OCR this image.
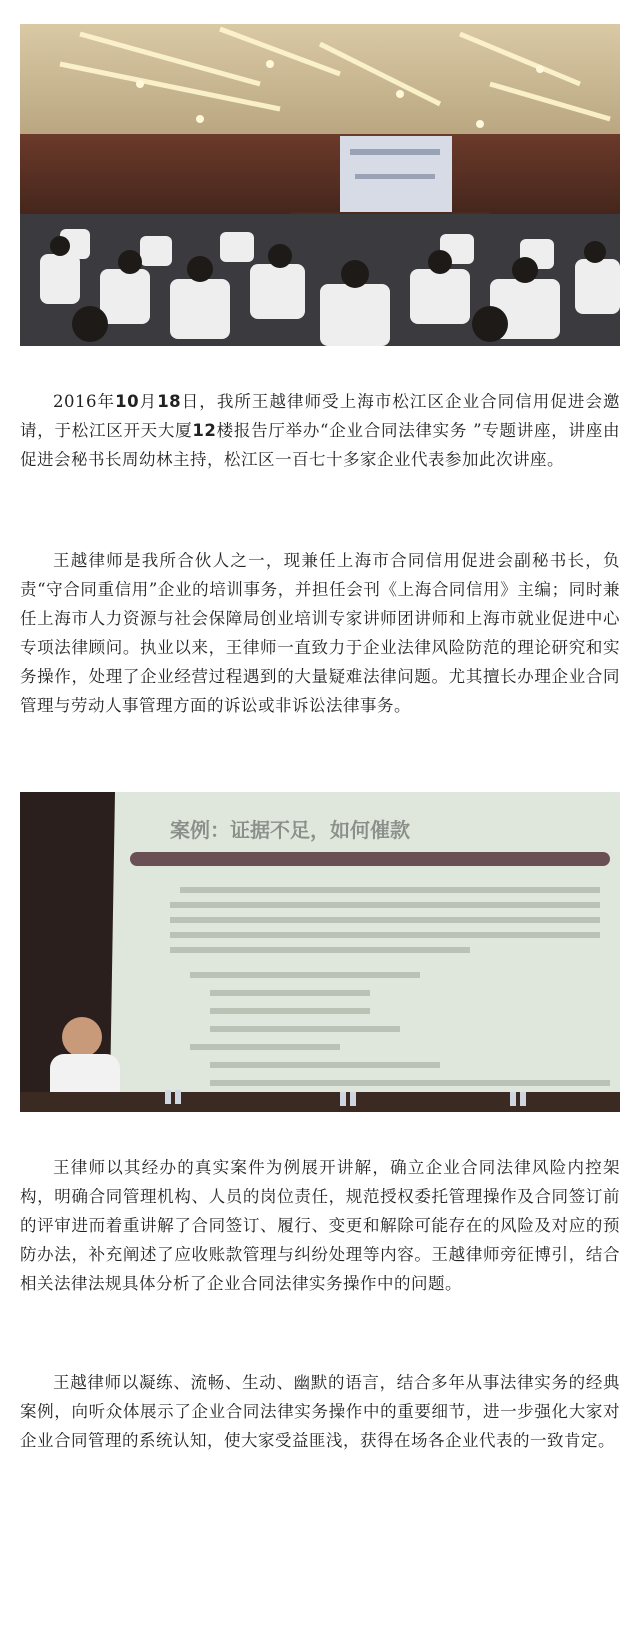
2016年10月18日，我所王越律师受上海市松江区企业合同信用促进会邀请，于松江区开天大厦12楼报告厅举办“企业合同法律实务 ”专题讲座，讲座由促进会秘书长周幼林主持，松江区一百七十多家企业代表参加此次讲座。

王越律师是我所合伙人之一，现兼任上海市合同信用促进会副秘书长，负责“守合同重信用”企业的培训事务，并担任会刊《上海合同信用》主编；同时兼任上海市人力资源与社会保障局创业培训专家讲师团讲师和上海市就业促进中心专项法律顾问。执业以来，王律师一直致力于企业法律风险防范的理论研究和实务操作，处理了企业经营过程遇到的大量疑难法律问题。尤其擅长办理企业合同管理与劳动人事管理方面的诉讼或非诉讼法律事务。

案例：证据不足，如何催款

王律师以其经办的真实案件为例展开讲解，确立企业合同法律风险内控架构，明确合同管理机构、人员的岗位责任，规范授权委托管理操作及合同签订前的评审进而着重讲解了合同签订、履行、变更和解除可能存在的风险及对应的预防办法，补充阐述了应收账款管理与纠纷处理等内容。王越律师旁征博引，结合相关法律法规具体分析了企业合同法律实务操作中的问题。

王越律师以凝练、流畅、生动、幽默的语言，结合多年从事法律实务的经典案例，向听众体展示了企业合同法律实务操作中的重要细节，进一步强化大家对企业合同管理的系统认知，使大家受益匪浅，获得在场各企业代表的一致肯定。
